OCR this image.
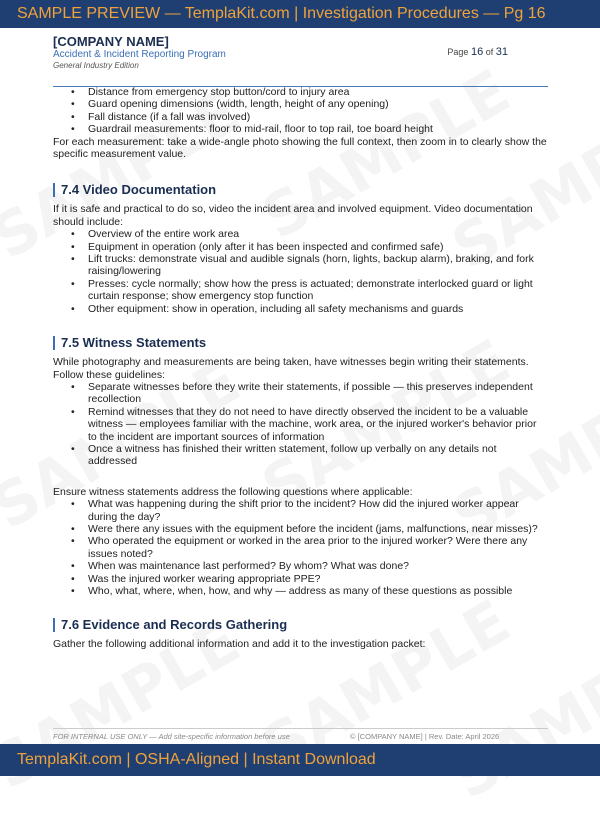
SAMPLE PREVIEW — TemplaKit.com | Investigation Procedures — Pg 16
[COMPANY NAME]
Accident & Incident Reporting Program
General Industry Edition
Page 16 of 31
• Distance from emergency stop button/cord to injury area
• Guard opening dimensions (width, length, height of any opening)
• Fall distance (if a fall was involved)
• Guardrail measurements: floor to mid-rail, floor to top rail, toe board height

For each measurement: take a wide-angle photo showing the full context, then zoom in to clearly show the specific measurement value.

7.4 Video Documentation

If it is safe and practical to do so, video the incident area and involved equipment. Video documentation should include:

• Overview of the entire work area
• Equipment in operation (only after it has been inspected and confirmed safe)
• Lift trucks: demonstrate visual and audible signals (horn, lights, backup alarm), braking, and fork raising/lowering
• Presses: cycle normally; show how the press is actuated; demonstrate interlocked guard or light curtain response; show emergency stop function
• Other equipment: show in operation, including all safety mechanisms and guards
7.5 Witness Statements

While photography and measurements are being taken, have witnesses begin writing their statements. Follow these guidelines:

• Separate witnesses before they write their statements, if possible — this preserves independent recollection
• Remind witnesses that they do not need to have directly observed the incident to be a valuable witness — employees familiar with the machine, work area, or the injured worker's behavior prior to the incident are important sources of information
• Once a witness has finished their written statement, follow up verbally on any details not addressed

Ensure witness statements address the following questions where applicable:

• What was happening during the shift prior to the incident? How did the injured worker appear during the day?
• Were there any issues with the equipment before the incident (jams, malfunctions, near misses)?
• Who operated the equipment or worked in the area prior to the injured worker? Were there any issues noted?
• When was maintenance last performed? By whom? What was done?
• Was the injured worker wearing appropriate PPE?
• Who, what, where, when, how, and why — address as many of these questions as possible
7.6 Evidence and Records Gathering

Gather the following additional information and add it to the investigation packet:

FOR INTERNAL USE ONLY — Add site-specific information before use	© [COMPANY NAME] | Rev. Date: April 2026
TemplaKit.com | OSHA-Aligned | Instant Download
